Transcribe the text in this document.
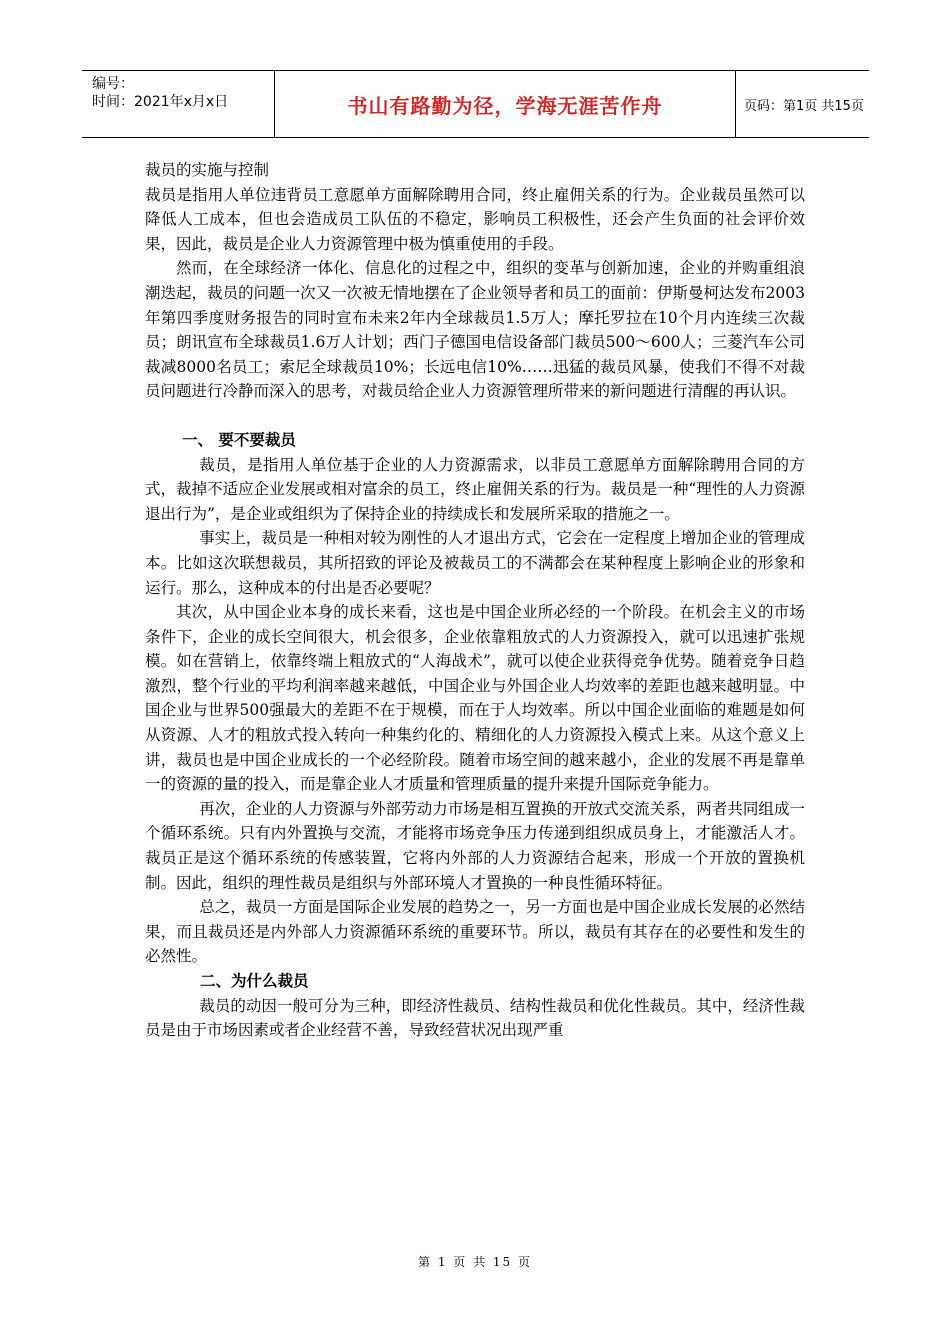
编号：
时间：2021年x月x日	书山有路勤为径，学海无涯苦作舟	页码：第1页 共15页

裁员的实施与控制

裁员是指用人单位违背员工意愿单方面解除聘用合同，终止雇佣关系的行为。企业裁员虽然可以降低人工成本，但也会造成员工队伍的不稳定，影响员工积极性，还会产生负面的社会评价效果，因此，裁员是企业人力资源管理中极为慎重使用的手段。

然而，在全球经济一体化、信息化的过程之中，组织的变革与创新加速，企业的并购重组浪潮迭起，裁员的问题一次又一次被无情地摆在了企业领导者和员工的面前：伊斯曼柯达发布2003年第四季度财务报告的同时宣布未来2年内全球裁员1.5万人；摩托罗拉在10个月内连续三次裁员；朗讯宣布全球裁员1.6万人计划；西门子德国电信设备部门裁员500～600人；三菱汽车公司裁减8000名员工；索尼全球裁员10%；长远电信10%……迅猛的裁员风暴，使我们不得不对裁员问题进行冷静而深入的思考，对裁员给企业人力资源管理所带来的新问题进行清醒的再认识。

一、 要不要裁员

裁员，是指用人单位基于企业的人力资源需求，以非员工意愿单方面解除聘用合同的方式，裁掉不适应企业发展或相对富余的员工，终止雇佣关系的行为。裁员是一种“理性的人力资源退出行为”，是企业或组织为了保持企业的持续成长和发展所采取的措施之一。

事实上，裁员是一种相对较为刚性的人才退出方式，它会在一定程度上增加企业的管理成本。比如这次联想裁员，其所招致的评论及被裁员工的不满都会在某种程度上影响企业的形象和运行。那么，这种成本的付出是否必要呢？

其次，从中国企业本身的成长来看，这也是中国企业所必经的一个阶段。在机会主义的市场条件下，企业的成长空间很大，机会很多，企业依靠粗放式的人力资源投入，就可以迅速扩张规模。如在营销上，依靠终端上粗放式的“人海战术”，就可以使企业获得竞争优势。随着竞争日趋激烈，整个行业的平均利润率越来越低，中国企业与外国企业人均效率的差距也越来越明显。中国企业与世界500强最大的差距不在于规模，而在于人均效率。所以中国企业面临的难题是如何从资源、人才的粗放式投入转向一种集约化的、精细化的人力资源投入模式上来。从这个意义上讲，裁员也是中国企业成长的一个必经阶段。随着市场空间的越来越小，企业的发展不再是靠单一的资源的量的投入，而是靠企业人才质量和管理质量的提升来提升国际竞争能力。

再次，企业的人力资源与外部劳动力市场是相互置换的开放式交流关系，两者共同组成一个循环系统。只有内外置换与交流，才能将市场竞争压力传递到组织成员身上，才能激活人才。裁员正是这个循环系统的传感装置，它将内外部的人力资源结合起来，形成一个开放的置换机制。因此，组织的理性裁员是组织与外部环境人才置换的一种良性循环特征。

总之，裁员一方面是国际企业发展的趋势之一，另一方面也是中国企业成长发展的必然结果，而且裁员还是内外部人力资源循环系统的重要环节。所以，裁员有其存在的必要性和发生的必然性。

二、为什么裁员

裁员的动因一般可分为三种，即经济性裁员、结构性裁员和优化性裁员。其中，经济性裁员是由于市场因素或者企业经营不善，导致经营状况出现严重

第 1 页 共 15 页
